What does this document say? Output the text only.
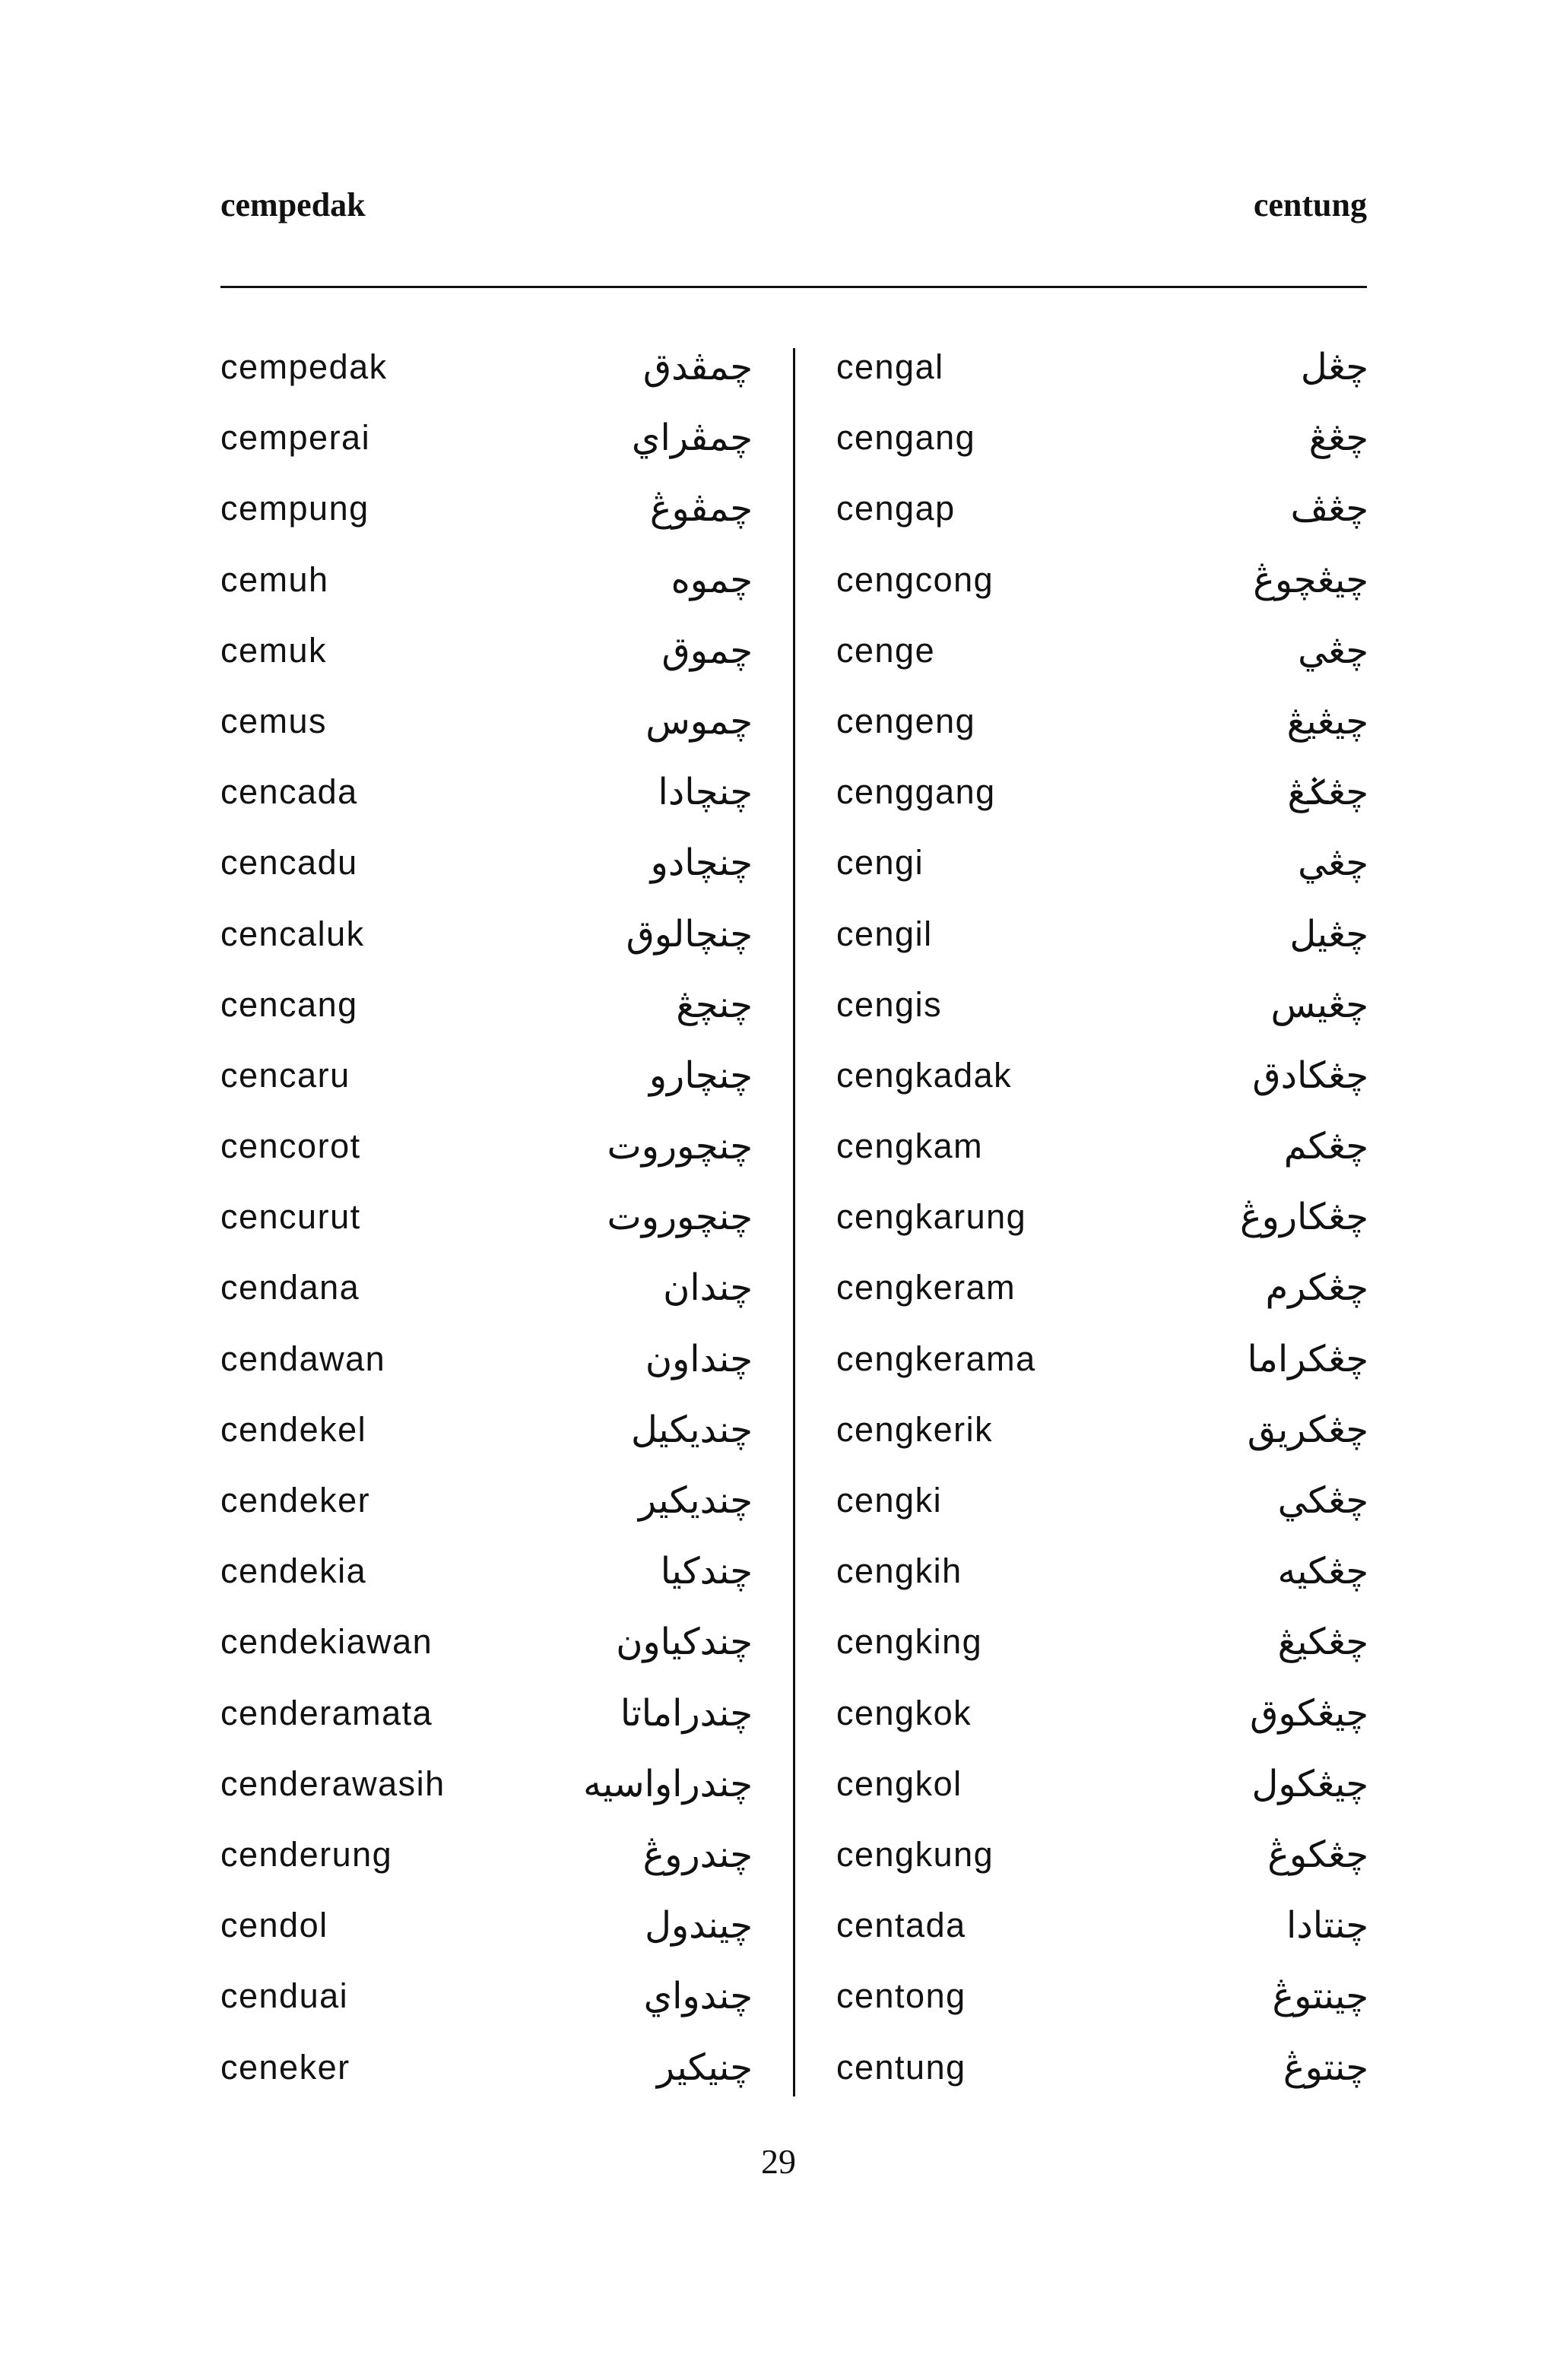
cempedak	centung
cempedak	چمڤدق
cemperai	چمڤراي
cempung	چمڤوڠ
cemuh	چموه
cemuk	چموق
cemus	چموس
cencada	چنچادا
cencadu	چنچادو
cencaluk	چنچالوق
cencang	چنچڠ
cencaru	چنچارو
cencorot	چنچوروت
cencurut	چنچوروت
cendana	چندان
cendawan	چنداون
cendekel	چنديکيل
cendeker	چنديکير
cendekia	چندکيا
cendekiawan	چندکياون
cenderamata	چندراماتا
cenderawasih	چندراواسيه
cenderung	چندروڠ
cendol	چيندول
cenduai	چندواي
ceneker	چنيکير
cengal	چڠل
cengang	چڠڠ
cengap	چڠڤ
cengcong	چيڠچوڠ
cenge	چڠي
cengeng	چيڠيڠ
cenggang	چڠݢڠ
cengi	چڠي
cengil	چڠيل
cengis	چڠيس
cengkadak	چڠکادق
cengkam	چڠکم
cengkarung	چڠکاروڠ
cengkeram	چڠکرم
cengkerama	چڠکراما
cengkerik	چڠکريق
cengki	چڠکي
cengkih	چڠکيه
cengking	چڠکيڠ
cengkok	چيڠکوق
cengkol	چيڠکول
cengkung	چڠکوڠ
centada	چنتادا
centong	چينتوڠ
centung	چنتوڠ
29
